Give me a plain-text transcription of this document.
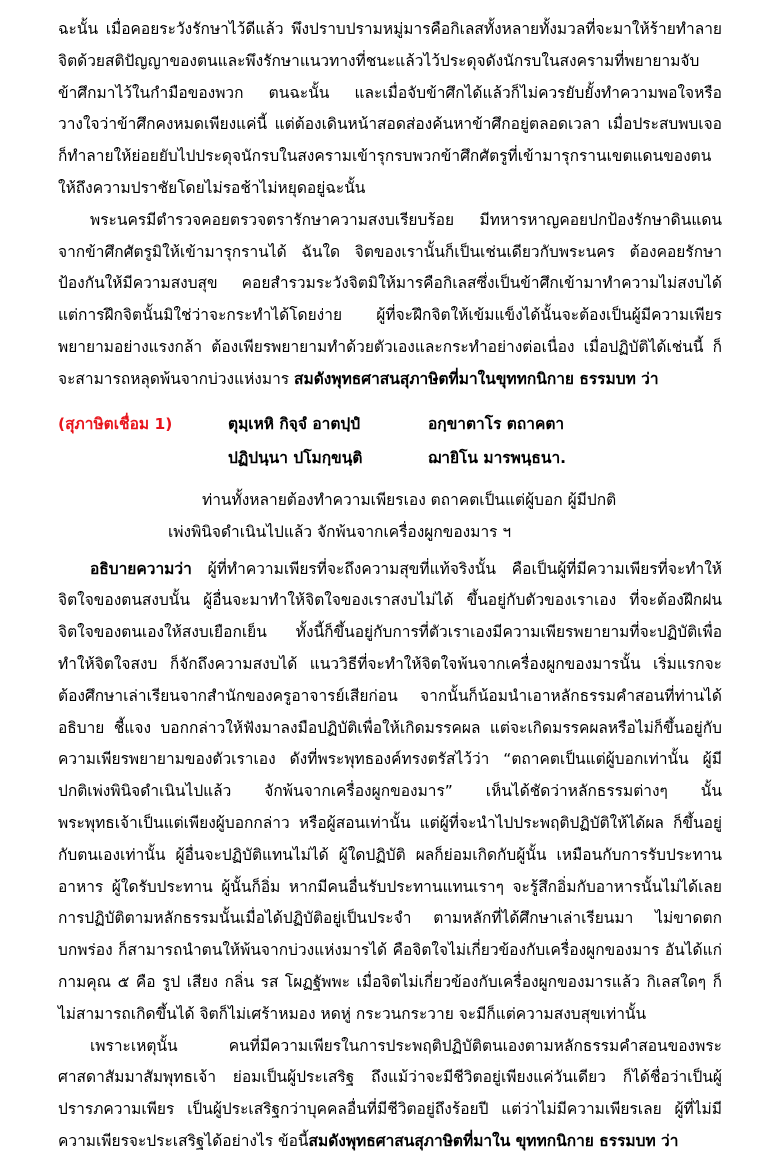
ฉะนั้น เมื่อคอยระวังรักษาไว้ดีแล้ว พึงปราบปรามหมู่มารคือกิเลสทั้งหลายทั้งมวลที่จะมาให้ร้ายทำลายจิตด้วยสติปัญญาของตนและพึงรักษาแนวทางที่ชนะแล้วไว้ประดุจดังนักรบในสงครามที่พยายามจับข้าศึกมาไว้ในกำมือของพวก ตนฉะนั้น และเมื่อจับข้าศึกได้แล้วก็ไม่ควรยับยั้งทำความพอใจหรือวางใจว่าข้าศึกคงหมดเพียงแค่นี้ แต่ต้องเดินหน้าสอดส่องค้นหาข้าศึกอยู่ตลอดเวลา เมื่อประสบพบเจอก็ทำลายให้ย่อยยับไปประดุจนักรบในสงครามเข้ารุกรบพวกข้าศึกศัตรูที่เข้ามารุกรานเขตแดนของตนให้ถึงความปราชัยโดยไม่รอช้าไม่หยุดอยู่ฉะนั้น

พระนครมีตำรวจคอยตรวจตรารักษาความสงบเรียบร้อย มีทหารหาญคอยปกป้องรักษาดินแดนจากข้าศึกศัตรูมิให้เข้ามารุกรานได้ ฉันใด จิตของเรานั้นก็เป็นเช่นเดียวกับพระนคร ต้องคอยรักษาป้องกันให้มีความสงบสุข คอยสำรวมระวังจิตมิให้มารคือกิเลสซึ่งเป็นข้าศึกเข้ามาทำความไม่สงบได้ แต่การฝึกจิตนั้นมิใช่ว่าจะกระทำได้โดยง่าย ผู้ที่จะฝึกจิตให้เข้มแข็งได้นั้นจะต้องเป็นผู้มีความเพียรพยายามอย่างแรงกล้า ต้องเพียรพยายามทำด้วยตัวเองและกระทำอย่างต่อเนื่อง เมื่อปฏิบัติได้เช่นนี้ ก็จะสามารถหลุดพ้นจากบ่วงแห่งมาร สมดังพุทธศาสนสุภาษิตที่มาในขุททกนิกาย ธรรมบท ว่า

(สุภาษิตเชื่อม 1)	ตุมฺเหหิ กิจฺจํ อาตปฺปํ	อกฺขาตาโร ตถาคตา
ปฏิปนฺนา ปโมกฺขนฺติ	ฌายิโน มารพนฺธนา.
ท่านทั้งหลายต้องทำความเพียรเอง ตถาคตเป็นแต่ผู้บอก ผู้มีปกติ
เพ่งพินิจดำเนินไปแล้ว จักพ้นจากเครื่องผูกของมาร ฯ

อธิบายความว่า ผู้ที่ทำความเพียรที่จะถึงความสุขที่แท้จริงนั้น คือเป็นผู้ที่มีความเพียรที่จะทำให้จิตใจของตนสงบนั้น ผู้อื่นจะมาทำให้จิตใจของเราสงบไม่ได้ ขึ้นอยู่กับตัวของเราเอง ที่จะต้องฝึกฝนจิตใจของตนเองให้สงบเยือกเย็น ทั้งนี้ก็ขึ้นอยู่กับการที่ตัวเราเองมีความเพียรพยายามที่จะปฏิบัติเพื่อทำให้จิตใจสงบ ก็จักถึงความสงบได้ แนววิธีที่จะทำให้จิตใจพ้นจากเครื่องผูกของมารนั้น เริ่มแรกจะต้องศึกษาเล่าเรียนจากสำนักของครูอาจารย์เสียก่อน จากนั้นก็น้อมนำเอาหลักธรรมคำสอนที่ท่านได้อธิบาย ชี้แจง บอกกล่าวให้ฟังมาลงมือปฏิบัติเพื่อให้เกิดมรรคผล แต่จะเกิดมรรคผลหรือไม่ก็ขึ้นอยู่กับความเพียรพยายามของตัวเราเอง ดังที่พระพุทธองค์ทรงตรัสไว้ว่า “ตถาคตเป็นแต่ผู้บอกเท่านั้น ผู้มีปกติเพ่งพินิจดำเนินไปแล้ว จักพ้นจากเครื่องผูกของมาร” เห็นได้ชัดว่าหลักธรรมต่างๆ นั้น พระพุทธเจ้าเป็นแต่เพียงผู้บอกกล่าว หรือผู้สอนเท่านั้น แต่ผู้ที่จะนำไปประพฤติปฏิบัติให้ได้ผล ก็ขึ้นอยู่กับตนเองเท่านั้น ผู้อื่นจะปฏิบัติแทนไม่ได้ ผู้ใดปฏิบัติ ผลก็ย่อมเกิดกับผู้นั้น เหมือนกับการรับประทานอาหาร ผู้ใดรับประทาน ผู้นั้นก็อิ่ม หากมีคนอื่นรับประทานแทนเราๆ จะรู้สึกอิ่มกับอาหารนั้นไม่ได้เลย การปฏิบัติตามหลักธรรมนั้นเมื่อได้ปฏิบัติอยู่เป็นประจำ ตามหลักที่ได้ศึกษาเล่าเรียนมา ไม่ขาดตกบกพร่อง ก็สามารถนำตนให้พ้นจากบ่วงแห่งมารได้ คือจิตใจไม่เกี่ยวข้องกับเครื่องผูกของมาร อันได้แก่ กามคุณ ๕ คือ รูป เสียง กลิ่น รส โผฏฐัพพะ เมื่อจิตไม่เกี่ยวข้องกับเครื่องผูกของมารแล้ว กิเลสใดๆ ก็ไม่สามารถเกิดขึ้นได้ จิตก็ไม่เศร้าหมอง หดหู่ กระวนกระวาย จะมีก็แต่ความสงบสุขเท่านั้น

เพราะเหตุนั้น คนที่มีความเพียรในการประพฤติปฏิบัติตนเองตามหลักธรรมคำสอนของพระศาสดาสัมมาสัมพุทธเจ้า ย่อมเป็นผู้ประเสริฐ ถึงแม้ว่าจะมีชีวิตอยู่เพียงแค่วันเดียว ก็ได้ชื่อว่าเป็นผู้ปรารภความเพียร เป็นผู้ประเสริฐกว่าบุคคลอื่นที่มีชีวิตอยู่ถึงร้อยปี แต่ว่าไม่มีความเพียรเลย ผู้ที่ไม่มีความเพียรจะประเสริฐได้อย่างไร ข้อนี้สมดังพุทธศาสนสุภาษิตที่มาใน ขุททกนิกาย ธรรมบท ว่า
